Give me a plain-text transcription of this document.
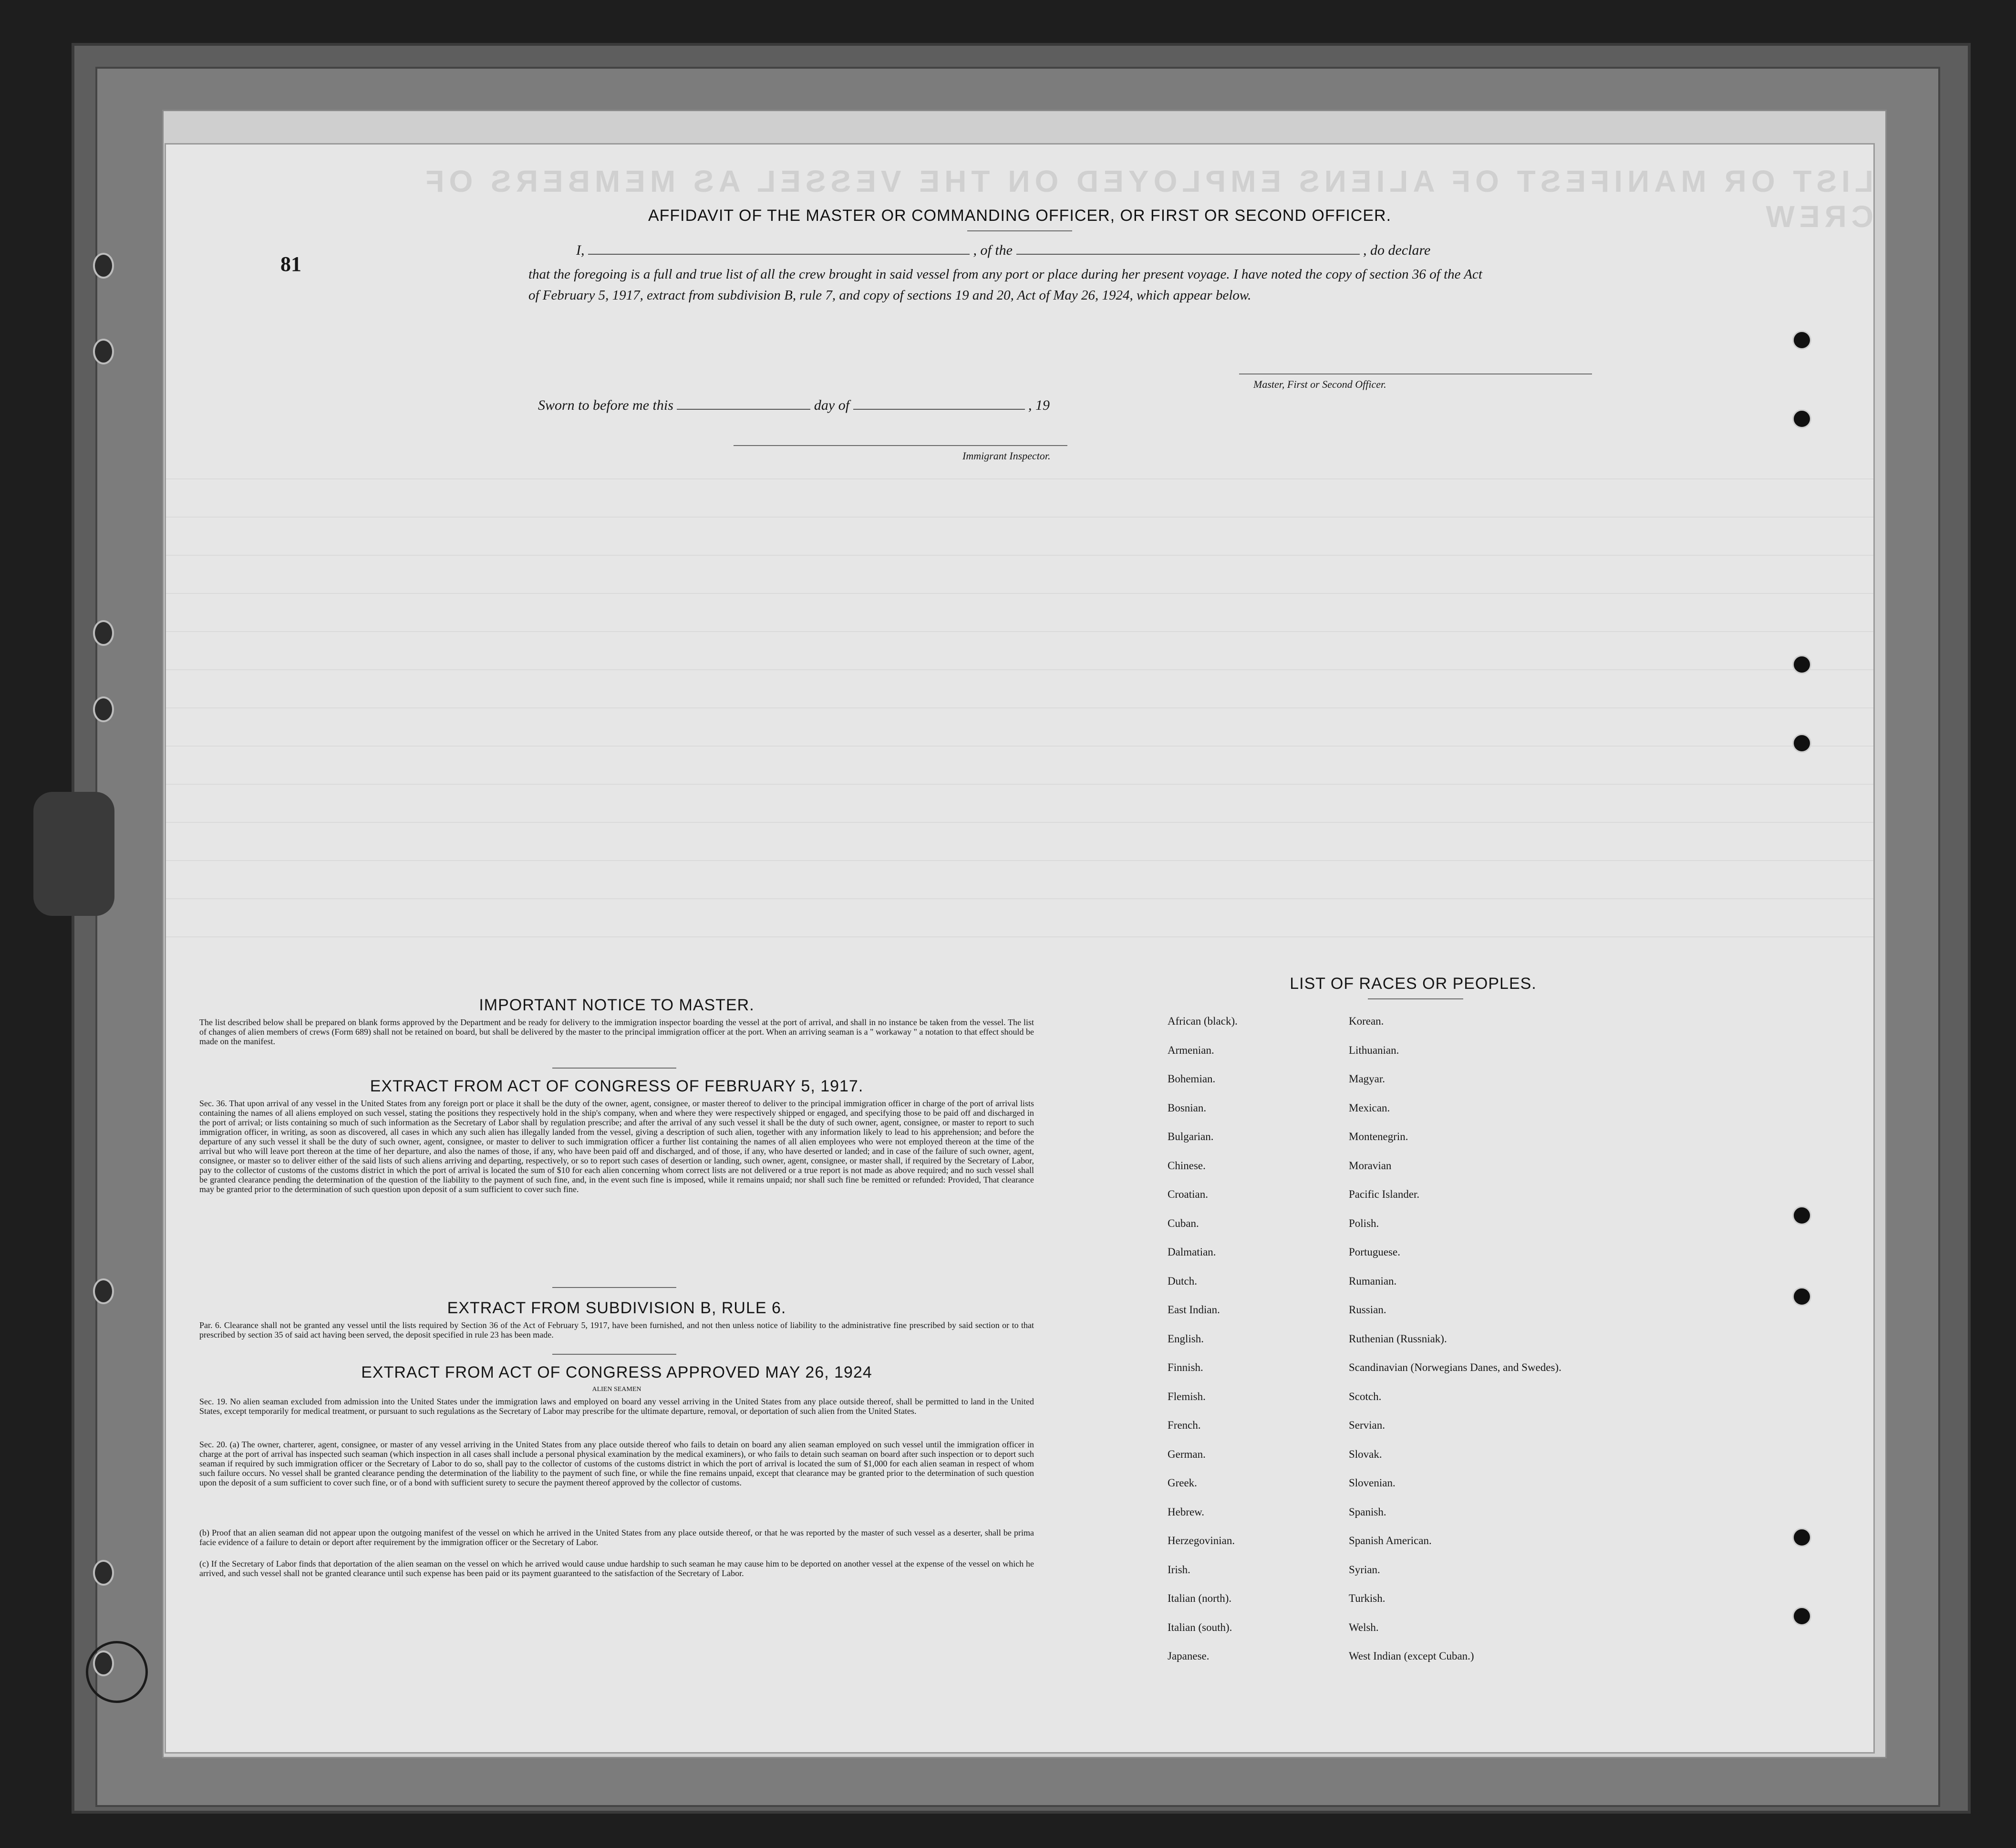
LIST OR MANIFEST OF ALIENS EMPLOYED ON THE VESSEL AS MEMBERS OF CREW
81
AFFIDAVIT OF THE MASTER OR COMMANDING OFFICER, OR FIRST OR SECOND OFFICER.
I,	, of the	, do declare
that the foregoing is a full and true list of all the crew brought in said vessel from any port or place during her present voyage. I have noted the copy of section 36 of the Act of February 5, 1917, extract from subdivision B, rule 7, and copy of sections 19 and 20, Act of May 26, 1924, which appear below.
Master, First or Second Officer.
Sworn to before me this	day of	, 19
Immigrant Inspector.
IMPORTANT NOTICE TO MASTER.
The list described below shall be prepared on blank forms approved by the Department and be ready for delivery to the immigration inspector boarding the vessel at the port of arrival, and shall in no instance be taken from the vessel. The list of changes of alien members of crews (Form 689) shall not be retained on board, but shall be delivered by the master to the principal immigration officer at the port. When an arriving seaman is a " workaway " a notation to that effect should be made on the manifest.
EXTRACT FROM ACT OF CONGRESS OF FEBRUARY 5, 1917.
Sec. 36. That upon arrival of any vessel in the United States from any foreign port or place it shall be the duty of the owner, agent, consignee, or master thereof to deliver to the principal immigration officer in charge of the port of arrival lists containing the names of all aliens employed on such vessel, stating the positions they respectively hold in the ship's company, when and where they were respectively shipped or engaged, and specifying those to be paid off and discharged in the port of arrival; or lists containing so much of such information as the Secretary of Labor shall by regulation prescribe; and after the arrival of any such vessel it shall be the duty of such owner, agent, consignee, or master to report to such immigration officer, in writing, as soon as discovered, all cases in which any such alien has illegally landed from the vessel, giving a description of such alien, together with any information likely to lead to his apprehension; and before the departure of any such vessel it shall be the duty of such owner, agent, consignee, or master to deliver to such immigration officer a further list containing the names of all alien employees who were not employed thereon at the time of the arrival but who will leave port thereon at the time of her departure, and also the names of those, if any, who have been paid off and discharged, and of those, if any, who have deserted or landed; and in case of the failure of such owner, agent, consignee, or master so to deliver either of the said lists of such aliens arriving and departing, respectively, or so to report such cases of desertion or landing, such owner, agent, consignee, or master shall, if required by the Secretary of Labor, pay to the collector of customs of the customs district in which the port of arrival is located the sum of $10 for each alien concerning whom correct lists are not delivered or a true report is not made as above required; and no such vessel shall be granted clearance pending the determination of the question of the liability to the payment of such fine, and, in the event such fine is imposed, while it remains unpaid; nor shall such fine be remitted or refunded: Provided, That clearance may be granted prior to the determination of such question upon deposit of a sum sufficient to cover such fine.
EXTRACT FROM SUBDIVISION B, RULE 6.
Par. 6. Clearance shall not be granted any vessel until the lists required by Section 36 of the Act of February 5, 1917, have been furnished, and not then unless notice of liability to the administrative fine prescribed by said section or to that prescribed by section 35 of said act having been served, the deposit specified in rule 23 has been made.
EXTRACT FROM ACT OF CONGRESS APPROVED MAY 26, 1924
ALIEN SEAMEN
Sec. 19. No alien seaman excluded from admission into the United States under the immigration laws and employed on board any vessel arriving in the United States from any place outside thereof, shall be permitted to land in the United States, except temporarily for medical treatment, or pursuant to such regulations as the Secretary of Labor may prescribe for the ultimate departure, removal, or deportation of such alien from the United States.
Sec. 20. (a) The owner, charterer, agent, consignee, or master of any vessel arriving in the United States from any place outside thereof who fails to detain on board any alien seaman employed on such vessel until the immigration officer in charge at the port of arrival has inspected such seaman (which inspection in all cases shall include a personal physical examination by the medical examiners), or who fails to detain such seaman on board after such inspection or to deport such seaman if required by such immigration officer or the Secretary of Labor to do so, shall pay to the collector of customs of the customs district in which the port of arrival is located the sum of $1,000 for each alien seaman in respect of whom such failure occurs. No vessel shall be granted clearance pending the determination of the liability to the payment of such fine, or while the fine remains unpaid, except that clearance may be granted prior to the determination of such question upon the deposit of a sum sufficient to cover such fine, or of a bond with sufficient surety to secure the payment thereof approved by the collector of customs.
(b) Proof that an alien seaman did not appear upon the outgoing manifest of the vessel on which he arrived in the United States from any place outside thereof, or that he was reported by the master of such vessel as a deserter, shall be prima facie evidence of a failure to detain or deport after requirement by the immigration officer or the Secretary of Labor.
(c) If the Secretary of Labor finds that deportation of the alien seaman on the vessel on which he arrived would cause undue hardship to such seaman he may cause him to be deported on another vessel at the expense of the vessel on which he arrived, and such vessel shall not be granted clearance until such expense has been paid or its payment guaranteed to the satisfaction of the Secretary of Labor.
LIST OF RACES OR PEOPLES.
African (black).	Korean.
Armenian.	Lithuanian.
Bohemian.	Magyar.
Bosnian.	Mexican.
Bulgarian.	Montenegrin.
Chinese.	Moravian
Croatian.	Pacific Islander.
Cuban.	Polish.
Dalmatian.	Portuguese.
Dutch.	Rumanian.
East Indian.	Russian.
English.	Ruthenian (Russniak).
Finnish.	Scandinavian (Norwegians Danes, and Swedes).
Flemish.	Scotch.
French.	Servian.
German.	Slovak.
Greek.	Slovenian.
Hebrew.	Spanish.
Herzegovinian.	Spanish American.
Irish.	Syrian.
Italian (north).	Turkish.
Italian (south).	Welsh.
Japanese.	West Indian (except Cuban.)
